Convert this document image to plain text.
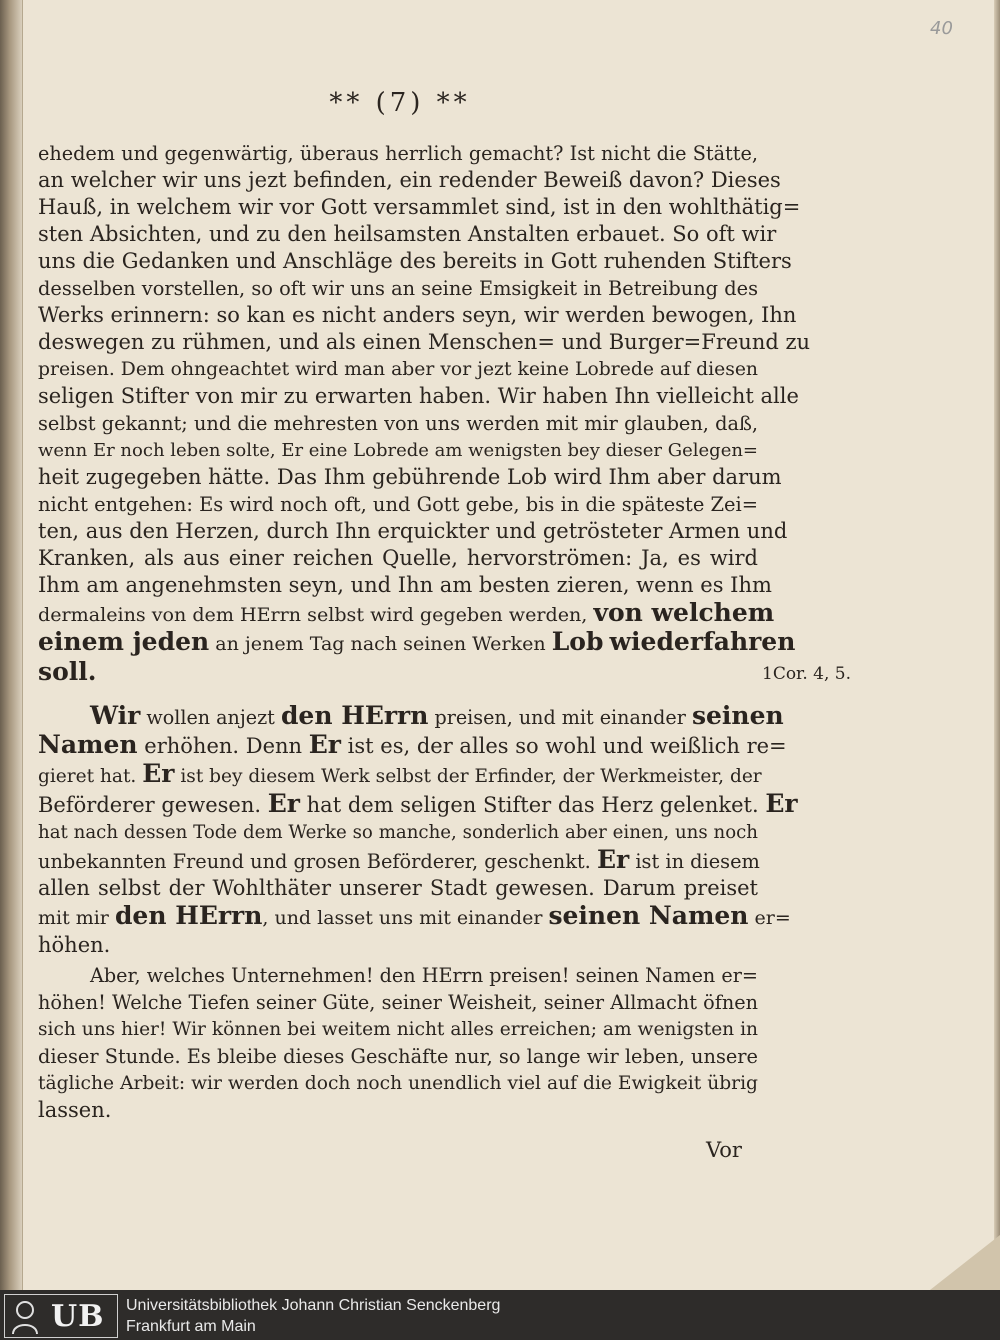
40
** (7) **
ehedem und gegenwärtig, überaus herrlich gemacht? Ist nicht die Stätte,
an welcher wir uns jezt befinden, ein redender Beweiß davon? Dieses
Hauß, in welchem wir vor Gott versammlet sind, ist in den wohlthätig=
sten Absichten, und zu den heilsamsten Anstalten erbauet. So oft wir
uns die Gedanken und Anschläge des bereits in Gott ruhenden Stifters
desselben vorstellen, so oft wir uns an seine Emsigkeit in Betreibung des
Werks erinnern: so kan es nicht anders seyn, wir werden bewogen, Ihn
deswegen zu rühmen, und als einen Menschen= und Burger=Freund zu
preisen. Dem ohngeachtet wird man aber vor jezt keine Lobrede auf diesen
seligen Stifter von mir zu erwarten haben. Wir haben Ihn vielleicht alle
selbst gekannt; und die mehresten von uns werden mit mir glauben, daß,
wenn Er noch leben solte, Er eine Lobrede am wenigsten bey dieser Gelegen=
heit zugegeben hätte. Das Ihm gebührende Lob wird Ihm aber darum
nicht entgehen: Es wird noch oft, und Gott gebe, bis in die späteste Zei=
ten, aus den Herzen, durch Ihn erquickter und getrösteter Armen und
Kranken, als aus einer reichen Quelle, hervorströmen: Ja, es wird
Ihm am angenehmsten seyn, und Ihn am besten zieren, wenn es Ihm
dermaleins von dem HErrn selbst wird gegeben werden, von welchem
einem jeden an jenem Tag nach seinen Werken Lob wiederfahren
soll.	1Cor. 4, 5.
Wir wollen anjezt den HErrn preisen, und mit einander seinen
Namen erhöhen. Denn Er ist es, der alles so wohl und weißlich re=
gieret hat. Er ist bey diesem Werk selbst der Erfinder, der Werkmeister, der
Beförderer gewesen. Er hat dem seligen Stifter das Herz gelenket. Er
hat nach dessen Tode dem Werke so manche, sonderlich aber einen, uns noch
unbekannten Freund und grosen Beförderer, geschenkt. Er ist in diesem
allen selbst der Wohlthäter unserer Stadt gewesen. Darum preiset
mit mir den HErrn, und lasset uns mit einander seinen Namen er=
höhen.
Aber, welches Unternehmen! den HErrn preisen! seinen Namen er=
höhen! Welche Tiefen seiner Güte, seiner Weisheit, seiner Allmacht öfnen
sich uns hier! Wir können bei weitem nicht alles erreichen; am wenigsten in
dieser Stunde. Es bleibe dieses Geschäfte nur, so lange wir leben, unsere
tägliche Arbeit: wir werden doch noch unendlich viel auf die Ewigkeit übrig
lassen.
Vor
UB Universitätsbibliothek Johann Christian Senckenberg
Frankfurt am Main
